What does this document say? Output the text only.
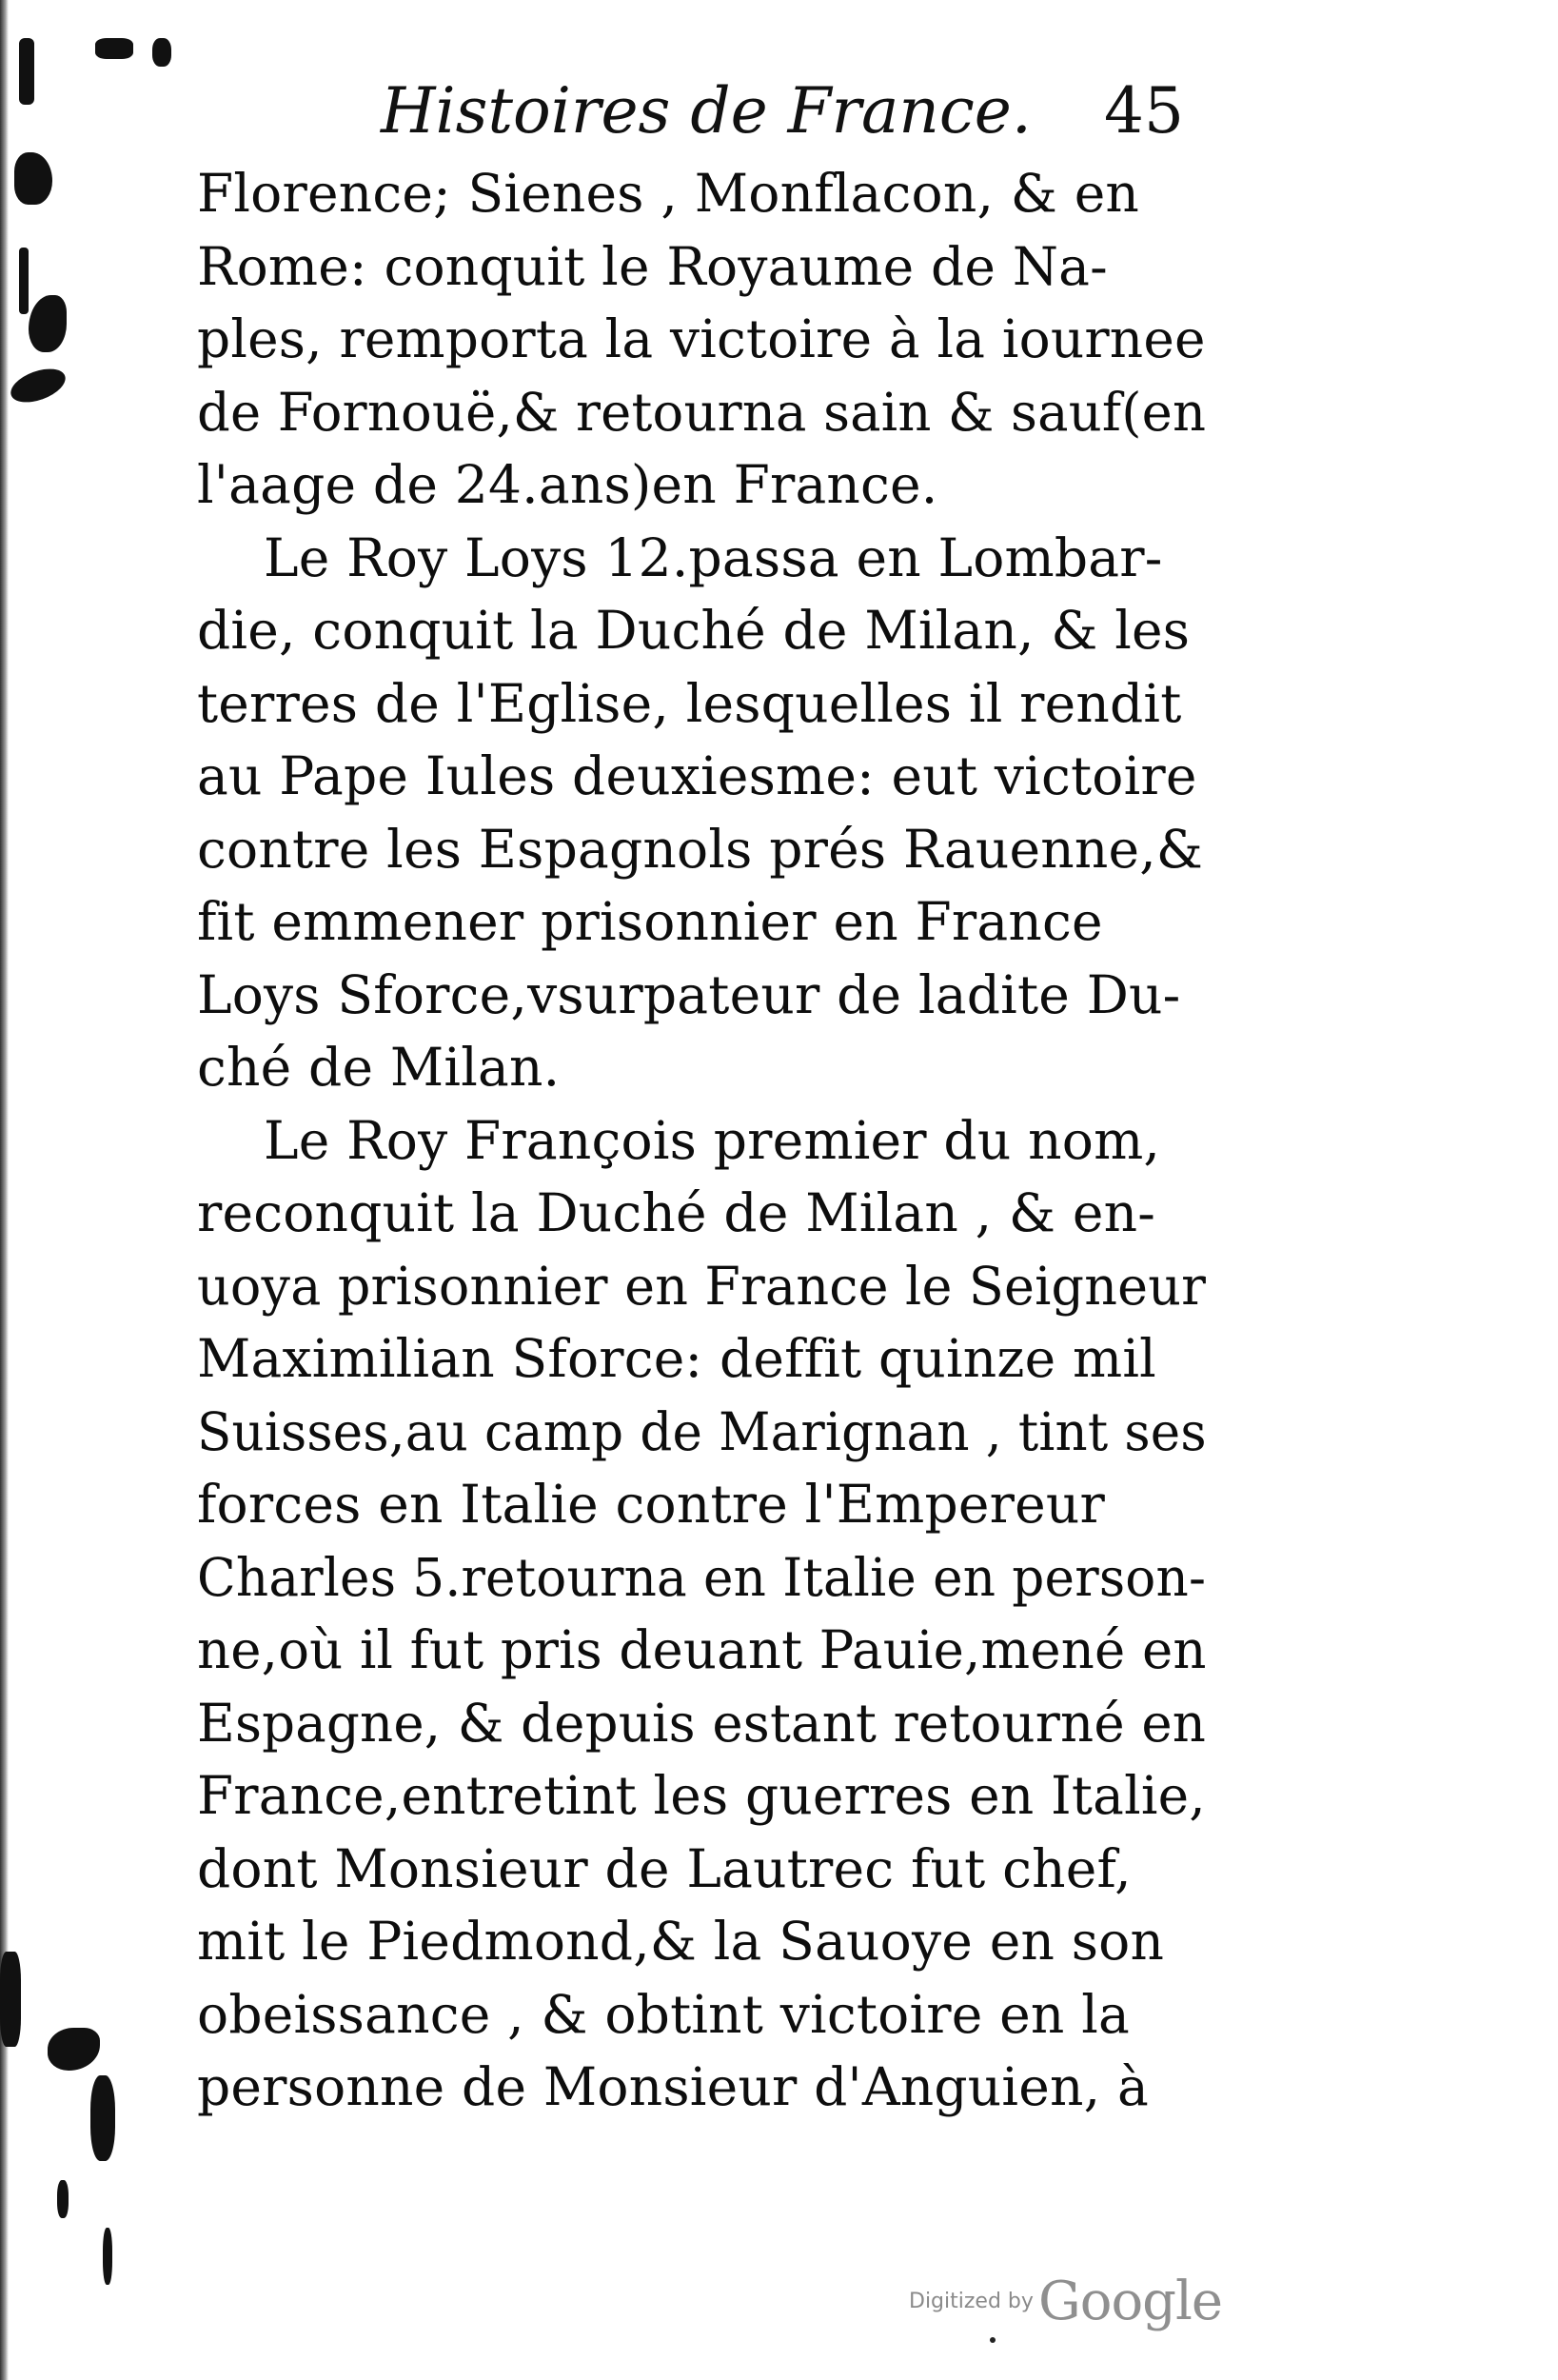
Histoires de France. 45
Florence; Sienes , Monflacon, & en
Rome: conquit le Royaume de Na-
ples, remporta la victoire à la iournee
de Fornouë,& retourna sain & sauf(en
l'aage de 24.ans)en France.
Le Roy Loys 12.passa en Lombar-
die, conquit la Duché de Milan, & les
terres de l'Eglise, lesquelles il rendit
au Pape Iules deuxiesme: eut victoire
contre les Espagnols prés Rauenne,&
fit emmener prisonnier en France
Loys Sforce,vsurpateur de ladite Du-
ché de Milan.
Le Roy François premier du nom,
reconquit la Duché de Milan , & en-
uoya prisonnier en France le Seigneur
Maximilian Sforce: deffit quinze mil
Suisses,au camp de Marignan , tint ses
forces en Italie contre l'Empereur
Charles 5.retourna en Italie en person-
ne,où il fut pris deuant Pauie,mené en
Espagne, & depuis estant retourné en
France,entretint les guerres en Italie,
dont Monsieur de Lautrec fut chef,
mit le Piedmond,& la Sauoye en son
obeissance , & obtint victoire en la
personne de Monsieur d'Anguien, à
Digitized by Google
